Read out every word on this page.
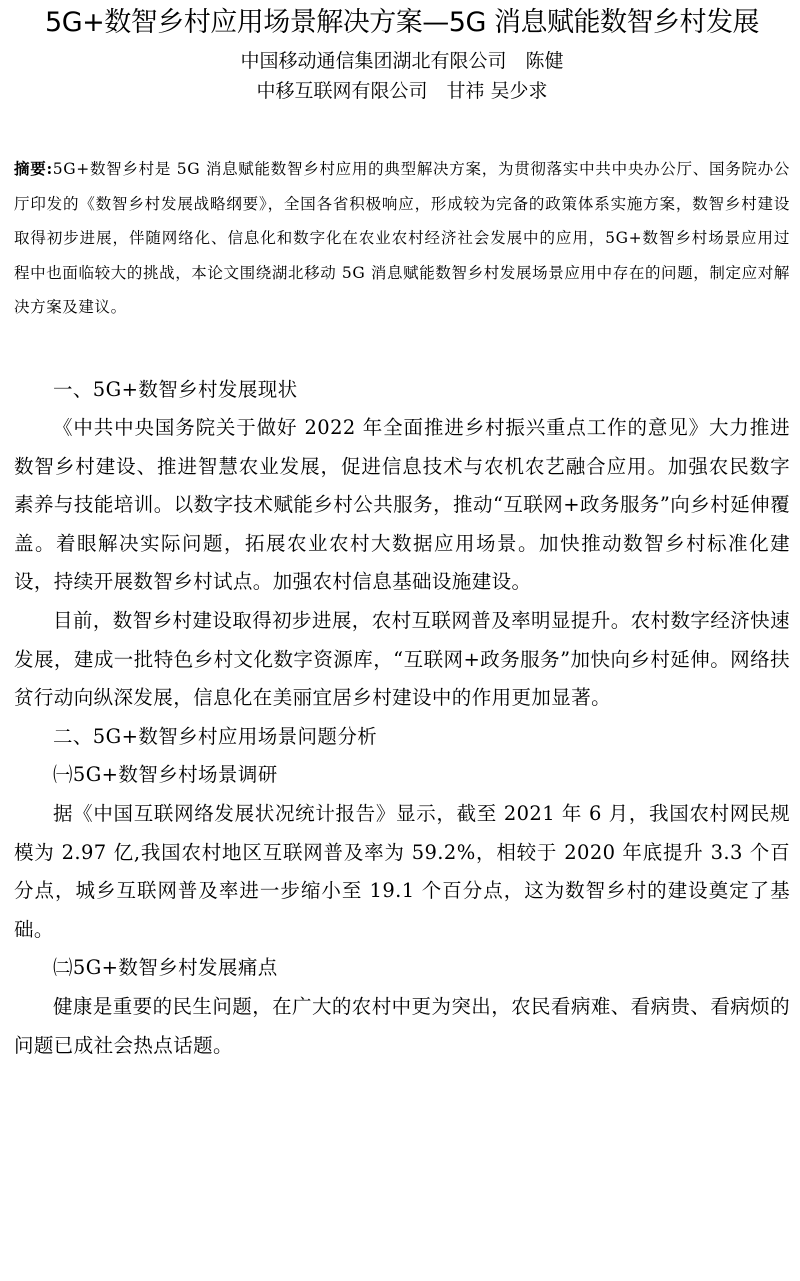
5G+数智乡村应用场景解决方案—5G 消息赋能数智乡村发展
中国移动通信集团湖北有限公司　陈健
中移互联网有限公司　甘祎 吴少求
摘要:5G+数智乡村是 5G 消息赋能数智乡村应用的典型解决方案，为贯彻落实中共中央办公厅、国务院办公厅印发的《数智乡村发展战略纲要》，全国各省积极响应，形成较为完备的政策体系实施方案，数智乡村建设取得初步进展，伴随网络化、信息化和数字化在农业农村经济社会发展中的应用，5G+数智乡村场景应用过程中也面临较大的挑战，本论文围绕湖北移动 5G 消息赋能数智乡村发展场景应用中存在的问题，制定应对解决方案及建议。

一、5G+数智乡村发展现状

《中共中央国务院关于做好 2022 年全面推进乡村振兴重点工作的意见》大力推进数智乡村建设、推进智慧农业发展，促进信息技术与农机农艺融合应用。加强农民数字素养与技能培训。以数字技术赋能乡村公共服务，推动“互联网+政务服务”向乡村延伸覆盖。着眼解决实际问题，拓展农业农村大数据应用场景。加快推动数智乡村标准化建设，持续开展数智乡村试点。加强农村信息基础设施建设。

目前，数智乡村建设取得初步进展，农村互联网普及率明显提升。农村数字经济快速发展，建成一批特色乡村文化数字资源库，“互联网+政务服务”加快向乡村延伸。网络扶贫行动向纵深发展，信息化在美丽宜居乡村建设中的作用更加显著。

二、5G+数智乡村应用场景问题分析

㈠5G+数智乡村场景调研

据《中国互联网络发展状况统计报告》显示，截至 2021 年 6 月，我国农村网民规模为 2.97 亿,我国农村地区互联网普及率为 59.2%，相较于 2020 年底提升 3.3 个百分点，城乡互联网普及率进一步缩小至 19.1 个百分点，这为数智乡村的建设奠定了基础。

㈡5G+数智乡村发展痛点

健康是重要的民生问题，在广大的农村中更为突出，农民看病难、看病贵、看病烦的问题已成社会热点话题。
